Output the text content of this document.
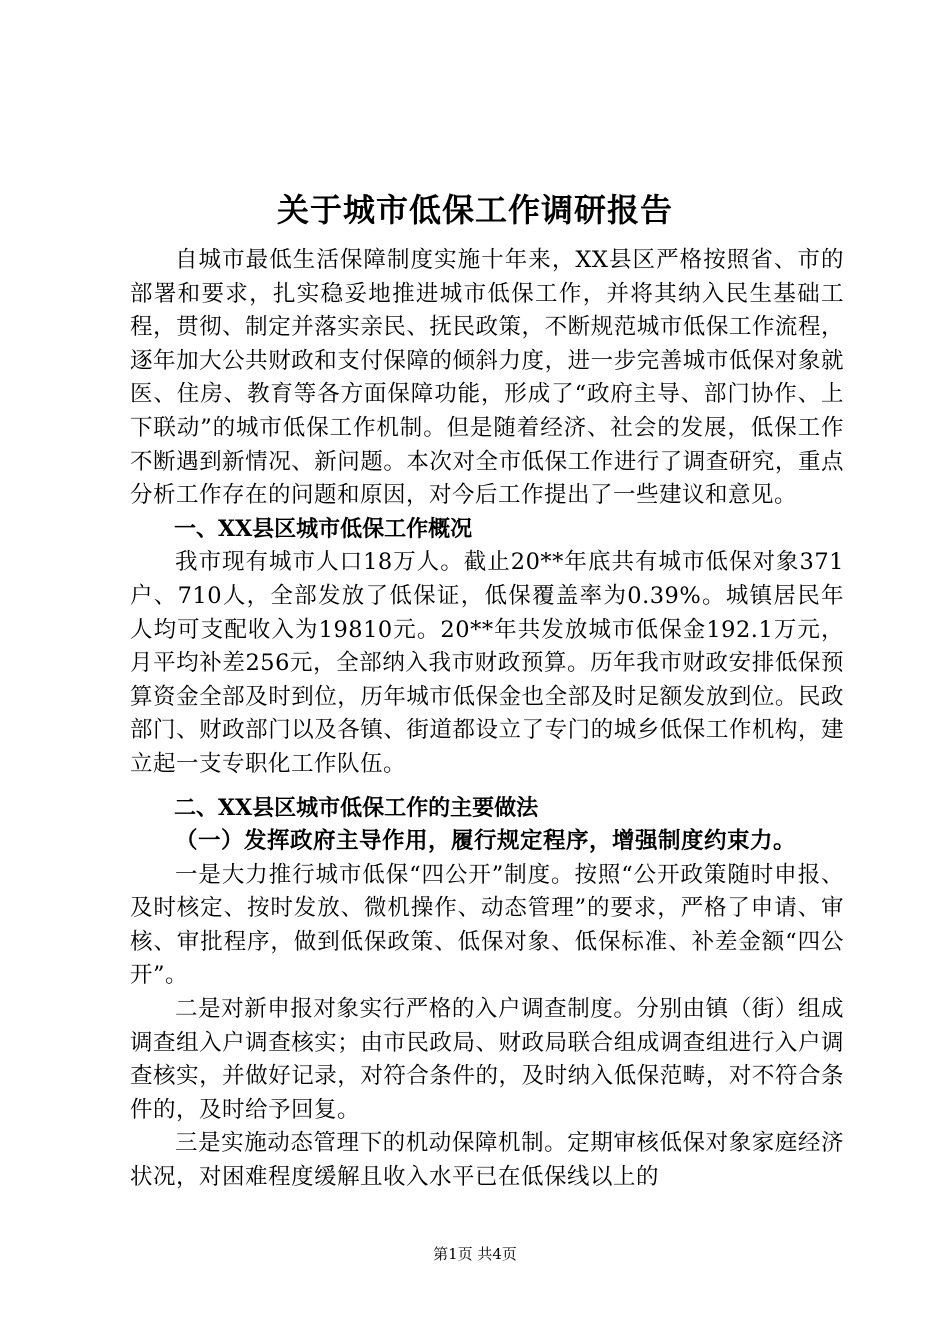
关于城市低保工作调研报告

自城市最低生活保障制度实施十年来，XX县区严格按照省、市的部署和要求，扎实稳妥地推进城市低保工作，并将其纳入民生基础工程，贯彻、制定并落实亲民、抚民政策，不断规范城市低保工作流程，逐年加大公共财政和支付保障的倾斜力度，进一步完善城市低保对象就医、住房、教育等各方面保障功能，形成了“政府主导、部门协作、上下联动”的城市低保工作机制。但是随着经济、社会的发展，低保工作不断遇到新情况、新问题。本次对全市低保工作进行了调查研究，重点分析工作存在的问题和原因，对今后工作提出了一些建议和意见。

一、XX县区城市低保工作概况

我市现有城市人口18万人。截止20**年底共有城市低保对象371户、710人，全部发放了低保证，低保覆盖率为0.39%。城镇居民年人均可支配收入为19810元。20**年共发放城市低保金192.1万元，月平均补差256元，全部纳入我市财政预算。历年我市财政安排低保预算资金全部及时到位，历年城市低保金也全部及时足额发放到位。民政部门、财政部门以及各镇、街道都设立了专门的城乡低保工作机构，建立起一支专职化工作队伍。

二、XX县区城市低保工作的主要做法

（一）发挥政府主导作用，履行规定程序，增强制度约束力。

一是大力推行城市低保“四公开”制度。按照“公开政策随时申报、及时核定、按时发放、微机操作、动态管理”的要求，严格了申请、审核、审批程序，做到低保政策、低保对象、低保标准、补差金额“四公开”。

二是对新申报对象实行严格的入户调查制度。分别由镇（街）组成调查组入户调查核实；由市民政局、财政局联合组成调查组进行入户调查核实，并做好记录，对符合条件的，及时纳入低保范畴，对不符合条件的，及时给予回复。

三是实施动态管理下的机动保障机制。定期审核低保对象家庭经济状况，对困难程度缓解且收入水平已在低保线以上的

第1页 共4页
